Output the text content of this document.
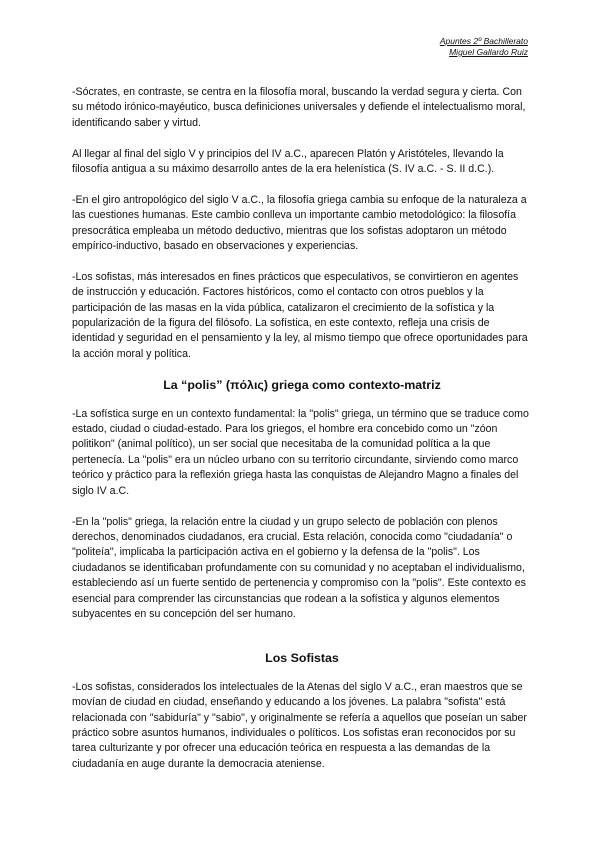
Apuntes 2º Bachillerato
Miguel Gallardo Ruiz

-Sócrates, en contraste, se centra en la filosofía moral, buscando la verdad segura y cierta. Con su método irónico-mayéutico, busca definiciones universales y defiende el intelectualismo moral, identificando saber y virtud.

Al llegar al final del siglo V y principios del IV a.C., aparecen Platón y Aristóteles, llevando la filosofía antigua a su máximo desarrollo antes de la era helenística (S. IV a.C. - S. II d.C.).

-En el giro antropológico del siglo V a.C., la filosofía griega cambia su enfoque de la naturaleza a las cuestiones humanas. Este cambio conlleva un importante cambio metodológico: la filosofía presocrática empleaba un método deductivo, mientras que los sofistas adoptaron un método empírico-inductivo, basado en observaciones y experiencias.

-Los sofistas, más interesados en fines prácticos que especulativos, se convirtieron en agentes de instrucción y educación. Factores históricos, como el contacto con otros pueblos y la participación de las masas en la vida pública, catalizaron el crecimiento de la sofística y la popularización de la figura del filósofo. La sofística, en este contexto, refleja una crisis de identidad y seguridad en el pensamiento y la ley, al mismo tiempo que ofrece oportunidades para la acción moral y política.

La “polis” (πόλις) griega como contexto-matriz

-La sofística surge en un contexto fundamental: la "polis" griega, un término que se traduce como estado, ciudad o ciudad-estado. Para los griegos, el hombre era concebido como un "zóon politikon" (animal político), un ser social que necesitaba de la comunidad política a la que pertenecía. La "polis" era un núcleo urbano con su territorio circundante, sirviendo como marco teórico y práctico para la reflexión griega hasta las conquistas de Alejandro Magno a finales del siglo IV a.C.

-En la "polis" griega, la relación entre la ciudad y un grupo selecto de población con plenos derechos, denominados ciudadanos, era crucial. Esta relación, conocida como "ciudadanía" o "politeía", implicaba la participación activa en el gobierno y la defensa de la "polis". Los ciudadanos se identificaban profundamente con su comunidad y no aceptaban el individualismo, estableciendo así un fuerte sentido de pertenencia y compromiso con la "polis". Este contexto es esencial para comprender las circunstancias que rodean a la sofística y algunos elementos subyacentes en su concepción del ser humano.

Los Sofistas

-Los sofistas, considerados los intelectuales de la Atenas del siglo V a.C., eran maestros que se movían de ciudad en ciudad, enseñando y educando a los jóvenes. La palabra "sofista" está relacionada con "sabiduría" y "sabio", y originalmente se refería a aquellos que poseían un saber práctico sobre asuntos humanos, individuales o políticos. Los sofistas eran reconocidos por su tarea culturizante y por ofrecer una educación teórica en respuesta a las demandas de la ciudadanía en auge durante la democracia ateniense.
